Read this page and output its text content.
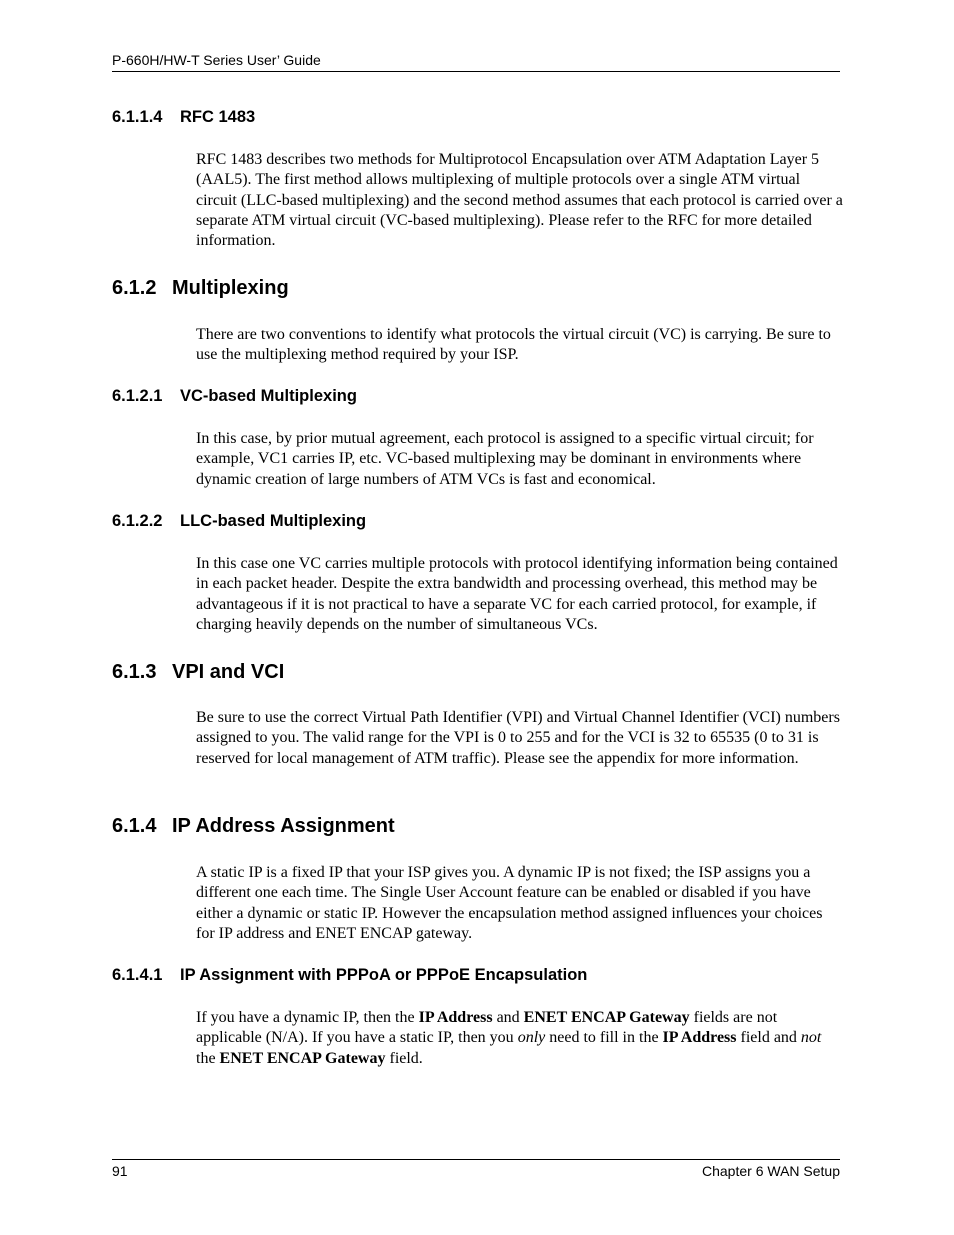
P-660H/HW-T Series User’ Guide
6.1.1.4 RFC 1483

RFC 1483 describes two methods for Multiprotocol Encapsulation over ATM Adaptation Layer 5 (AAL5). The first method allows multiplexing of multiple protocols over a single ATM virtual circuit (LLC-based multiplexing) and the second method assumes that each protocol is carried over a separate ATM virtual circuit (VC-based multiplexing). Please refer to the RFC for more detailed information.

6.1.2 Multiplexing

There are two conventions to identify what protocols the virtual circuit (VC) is carrying. Be sure to use the multiplexing method required by your ISP.

6.1.2.1 VC-based Multiplexing

In this case, by prior mutual agreement, each protocol is assigned to a specific virtual circuit; for example, VC1 carries IP, etc. VC-based multiplexing may be dominant in environments where dynamic creation of large numbers of ATM VCs is fast and economical.

6.1.2.2 LLC-based Multiplexing

In this case one VC carries multiple protocols with protocol identifying information being contained in each packet header. Despite the extra bandwidth and processing overhead, this method may be advantageous if it is not practical to have a separate VC for each carried protocol, for example, if charging heavily depends on the number of simultaneous VCs.

6.1.3 VPI and VCI

Be sure to use the correct Virtual Path Identifier (VPI) and Virtual Channel Identifier (VCI) numbers assigned to you. The valid range for the VPI is 0 to 255 and for the VCI is 32 to 65535 (0 to 31 is reserved for local management of ATM traffic). Please see the appendix for more information.

6.1.4 IP Address Assignment

A static IP is a fixed IP that your ISP gives you. A dynamic IP is not fixed; the ISP assigns you a different one each time. The Single User Account feature can be enabled or disabled if you have either a dynamic or static IP. However the encapsulation method assigned influences your choices for IP address and ENET ENCAP gateway.

6.1.4.1 IP Assignment with PPPoA or PPPoE Encapsulation

If you have a dynamic IP, then the IP Address and ENET ENCAP Gateway fields are not applicable (N/A). If you have a static IP, then you only need to fill in the IP Address field and not the ENET ENCAP Gateway field.

91	Chapter 6 WAN Setup
